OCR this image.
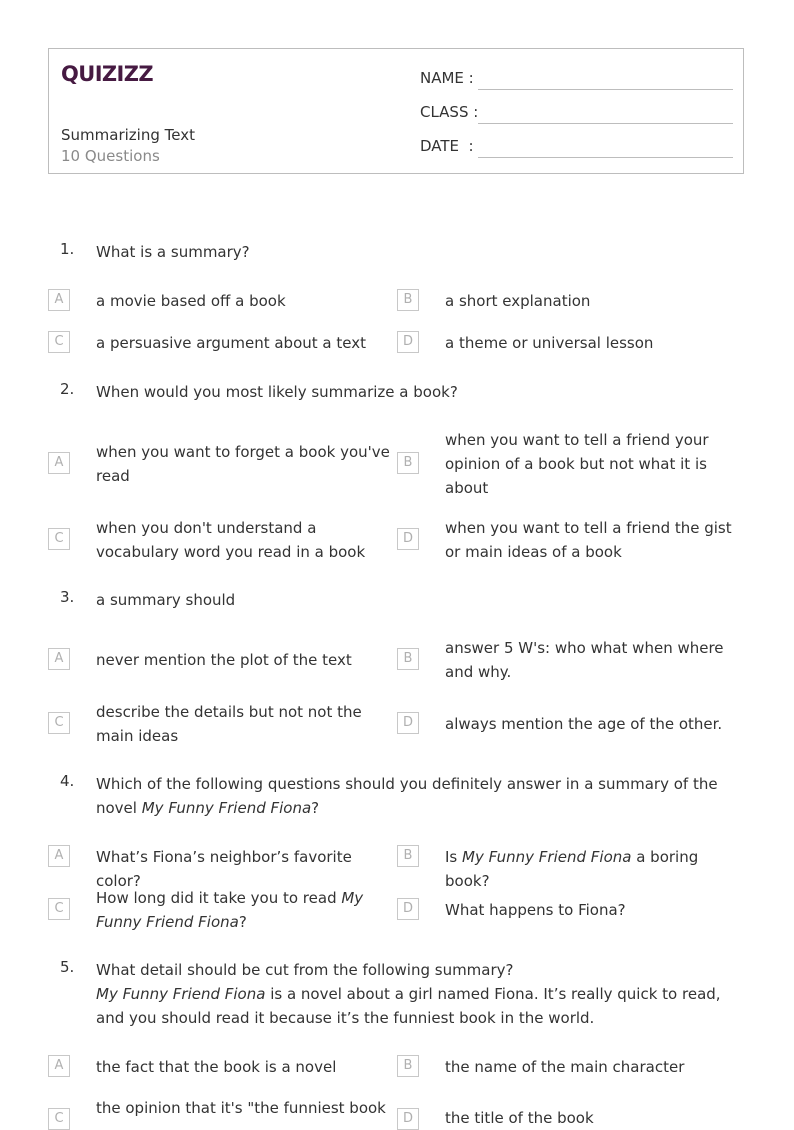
QUIZIZZ
Summarizing Text
10 Questions
NAME :
CLASS :
DATE  :
1. What is a summary?
A	a movie based off a book	B	a short explanation
C	a persuasive argument about a text	D	a theme or universal lesson
2. When would you most likely summarize a book?
A
when you want to forget a book you've read
B
when you want to tell a friend your opinion of a book but not what it is about
C
when you don't understand a vocabulary word you read in a book
D
when you want to tell a friend the gist or main ideas of a book
3. a summary should
A	never mention the plot of the text	B
answer 5 W's: who what when where and why.
C
describe the details but not not the main ideas
D	always mention the age of the other.
4. Which of the following questions should you definitely answer in a summary of the novel My Funny Friend Fiona?
A	What’s Fiona’s neighbor’s favorite color?
B	Is My Funny Friend Fiona a boring book?
C
How long did it take you to read My Funny Friend Fiona?
D	What happens to Fiona?
5. What detail should be cut from the following summary?
My Funny Friend Fiona is a novel about a girl named Fiona. It’s really quick to read, and you should read it because it’s the funniest book in the world.
A	the fact that the book is a novel	B	the name of the main character
C
the opinion that it's "the funniest book
D	the title of the book
